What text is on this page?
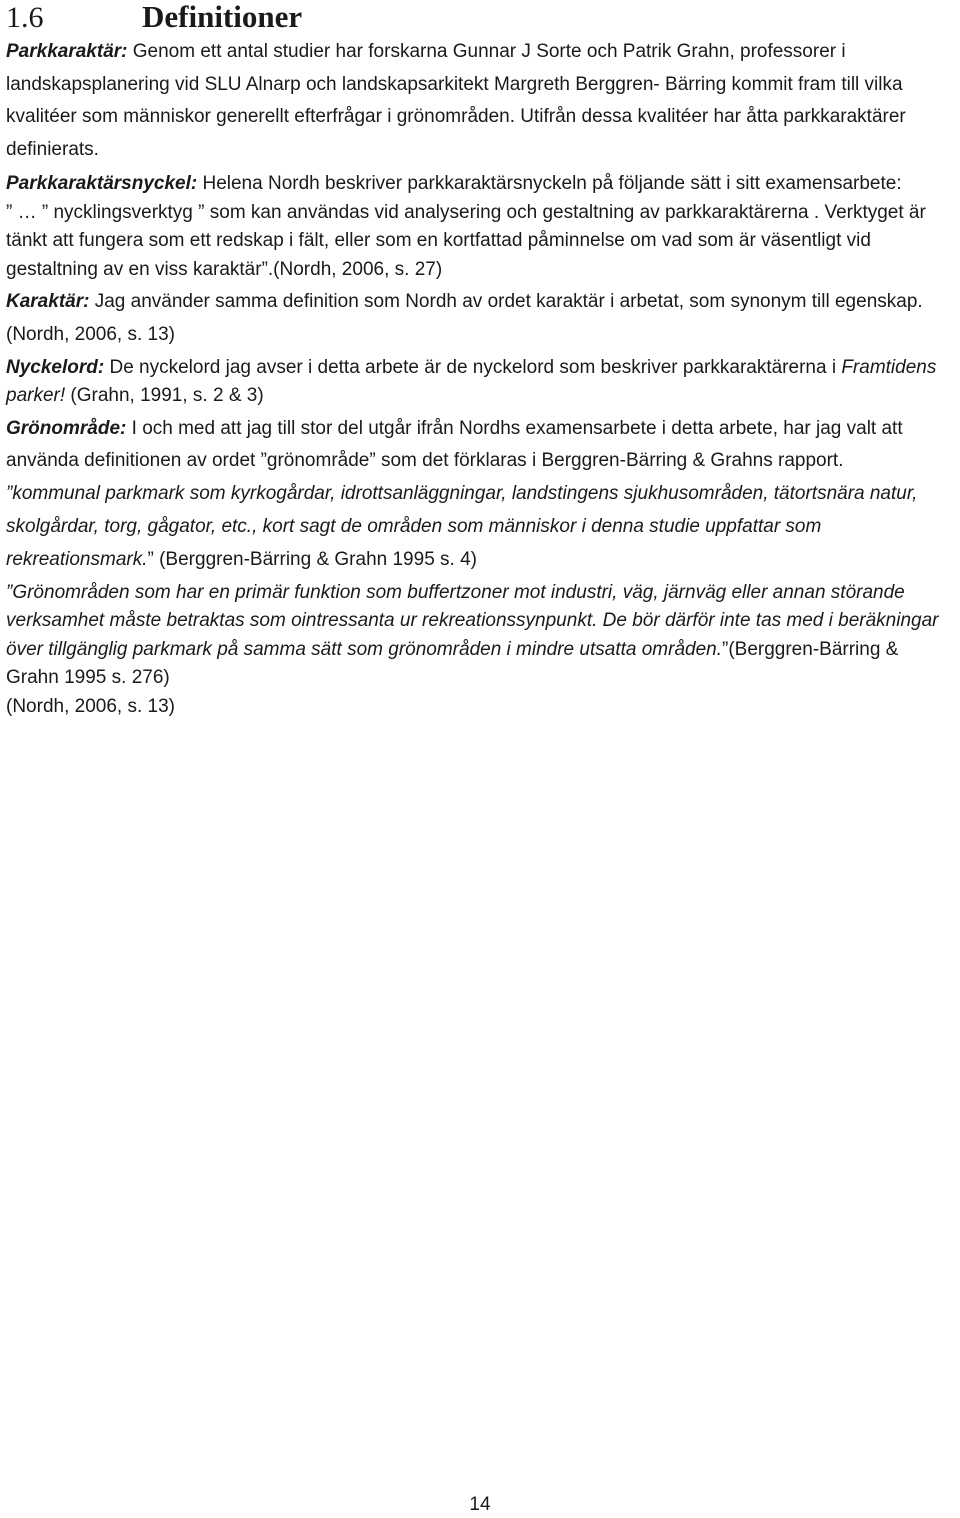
1.6	Definitioner

Parkkaraktär: Genom ett antal studier har forskarna Gunnar J Sorte och Patrik Grahn, professorer i landskapsplanering vid SLU Alnarp och landskapsarkitekt Margreth Berggren- Bärring kommit fram till vilka kvalitéer som människor generellt efterfrågar i grönområden. Utifrån dessa kvalitéer har åtta parkkaraktärer definierats.

Parkkaraktärsnyckel: Helena Nordh beskriver parkkaraktärsnyckeln på följande sätt i sitt examensarbete:

” … ” nycklingsverktyg ” som kan användas vid analysering och gestaltning av parkkaraktärerna . Verktyget är tänkt att fungera som ett redskap i fält, eller som en kortfattad påminnelse om vad som är väsentligt vid gestaltning av en viss karaktär”.(Nordh, 2006, s. 27)

Karaktär: Jag använder samma definition som Nordh av ordet karaktär i arbetat, som synonym till egenskap. (Nordh, 2006, s. 13)

Nyckelord: De nyckelord jag avser i detta arbete är de nyckelord som beskriver parkkaraktärerna i Framtidens parker! (Grahn, 1991, s. 2 & 3)

Grönområde: I och med att jag till stor del utgår ifrån Nordhs examensarbete i detta arbete, har jag valt att använda definitionen av ordet ”grönområde” som det förklaras i Berggren-Bärring & Grahns rapport.

”kommunal parkmark som kyrkogårdar, idrottsanläggningar, landstingens sjukhusområden, tätortsnära natur, skolgårdar, torg, gågator, etc., kort sagt de områden som människor i denna studie uppfattar som rekreationsmark.” (Berggren-Bärring & Grahn 1995 s. 4)

”Grönområden som har en primär funktion som buffertzoner mot industri, väg, järnväg eller annan störande verksamhet måste betraktas som ointressanta ur rekreationssynpunkt. De bör därför inte tas med i beräkningar över tillgänglig parkmark på samma sätt som grönområden i mindre utsatta områden.”(Berggren-Bärring & Grahn 1995 s. 276)

(Nordh, 2006, s. 13)

14
